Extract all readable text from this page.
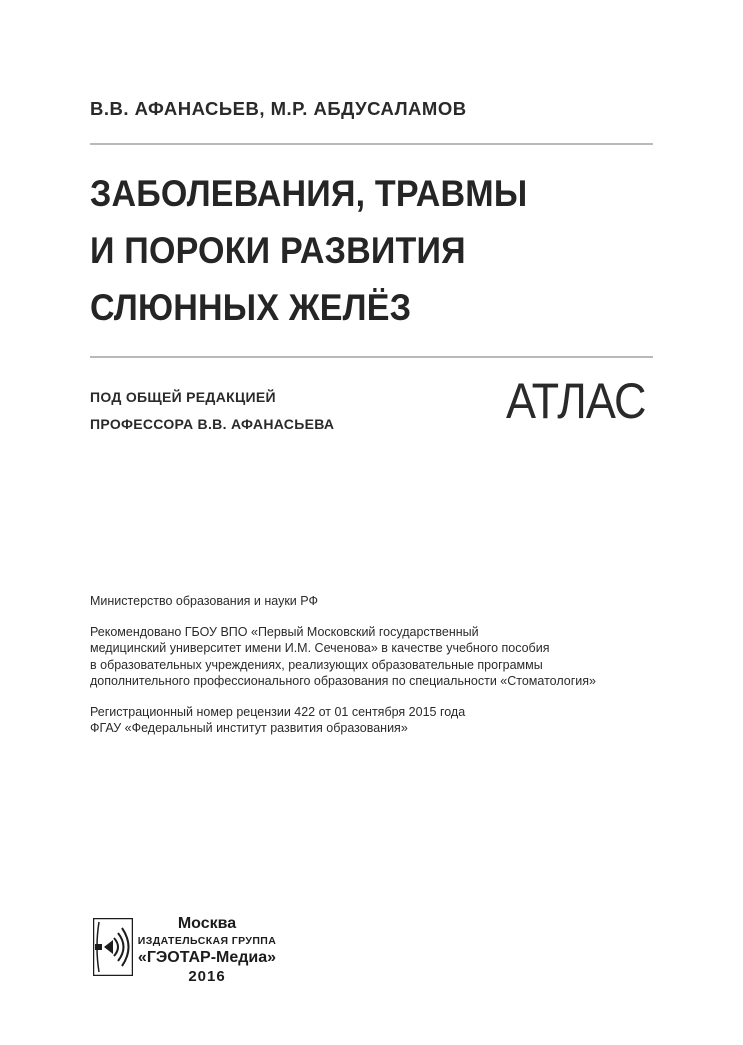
В.В. АФАНАСЬЕВ, М.Р. АБДУСАЛАМОВ
ЗАБОЛЕВАНИЯ, ТРАВМЫ
И ПОРОКИ РАЗВИТИЯ
СЛЮННЫХ ЖЕЛЁЗ
ПОД ОБЩЕЙ РЕДАКЦИЕЙ
ПРОФЕССОРА В.В. АФАНАСЬЕВА	АТЛАС

Министерство образования и науки РФ

Рекомендовано ГБОУ ВПО «Первый Московский государственный
медицинский университет имени И.М. Сеченова» в качестве учебного пособия
в образовательных учреждениях, реализующих образовательные программы
дополнительного профессионального образования по специальности «Стоматология»

Регистрационный номер рецензии 422 от 01 сентября 2015 года
ФГАУ «Федеральный институт развития образования»

Москва
ИЗДАТЕЛЬСКАЯ ГРУППА
«ГЭОТАР-Медиа»
2016
